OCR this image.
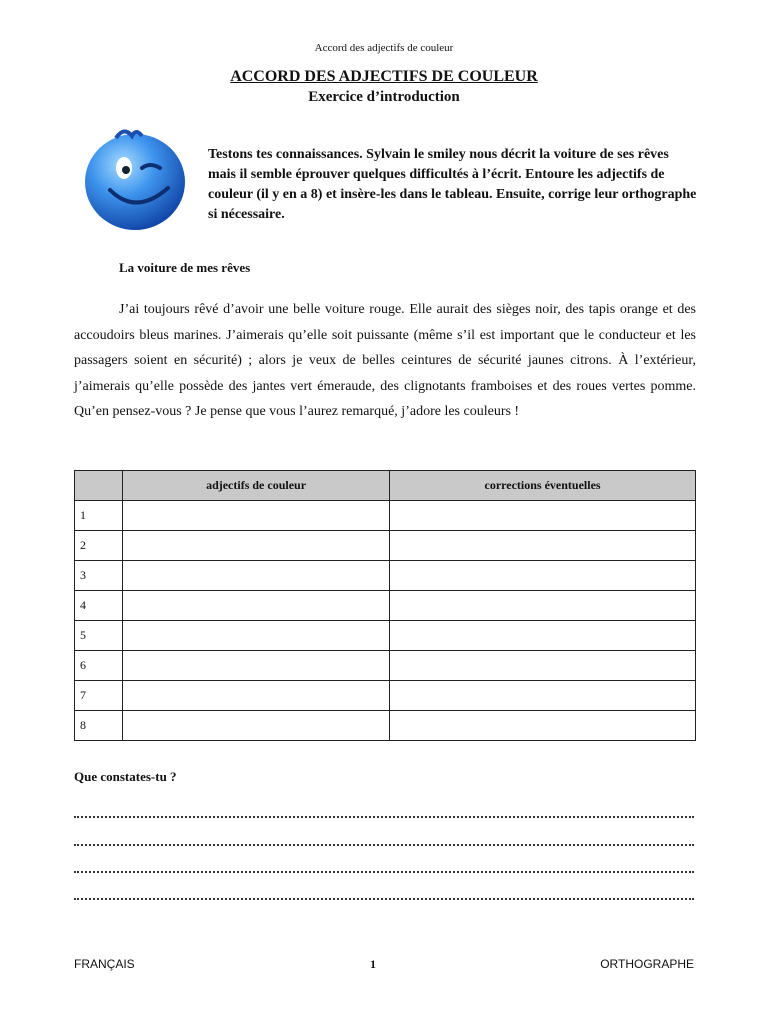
Accord des adjectifs de couleur
ACCORD DES ADJECTIFS DE COULEUR
Exercice d’introduction
Testons tes connaissances. Sylvain le smiley nous décrit la voiture de ses rêves mais il semble éprouver quelques difficultés à l’écrit. Entoure les adjectifs de couleur (il y en a 8) et insère-les dans le tableau. Ensuite, corrige leur orthographe si nécessaire.
La voiture de mes rêves
J’ai toujours rêvé d’avoir une belle voiture rouge. Elle aurait des sièges noir, des tapis orange et des accoudoirs bleus marines. J’aimerais qu’elle soit puissante (même s’il est important que le conducteur et les passagers soient en sécurité) ; alors je veux de belles ceintures de sécurité jaunes citrons. À l’extérieur, j’aimerais qu’elle possède des jantes vert émeraude, des clignotants framboises et des roues vertes pomme. Qu’en pensez-vous ? Je pense que vous l’aurez remarqué, j’adore les couleurs !
	adjectifs de couleur	corrections éventuelles
1		
2		
3		
4		
5		
6		
7		
8		
Que constates-tu ?
FRANÇAIS	1	ORTHOGRAPHE
